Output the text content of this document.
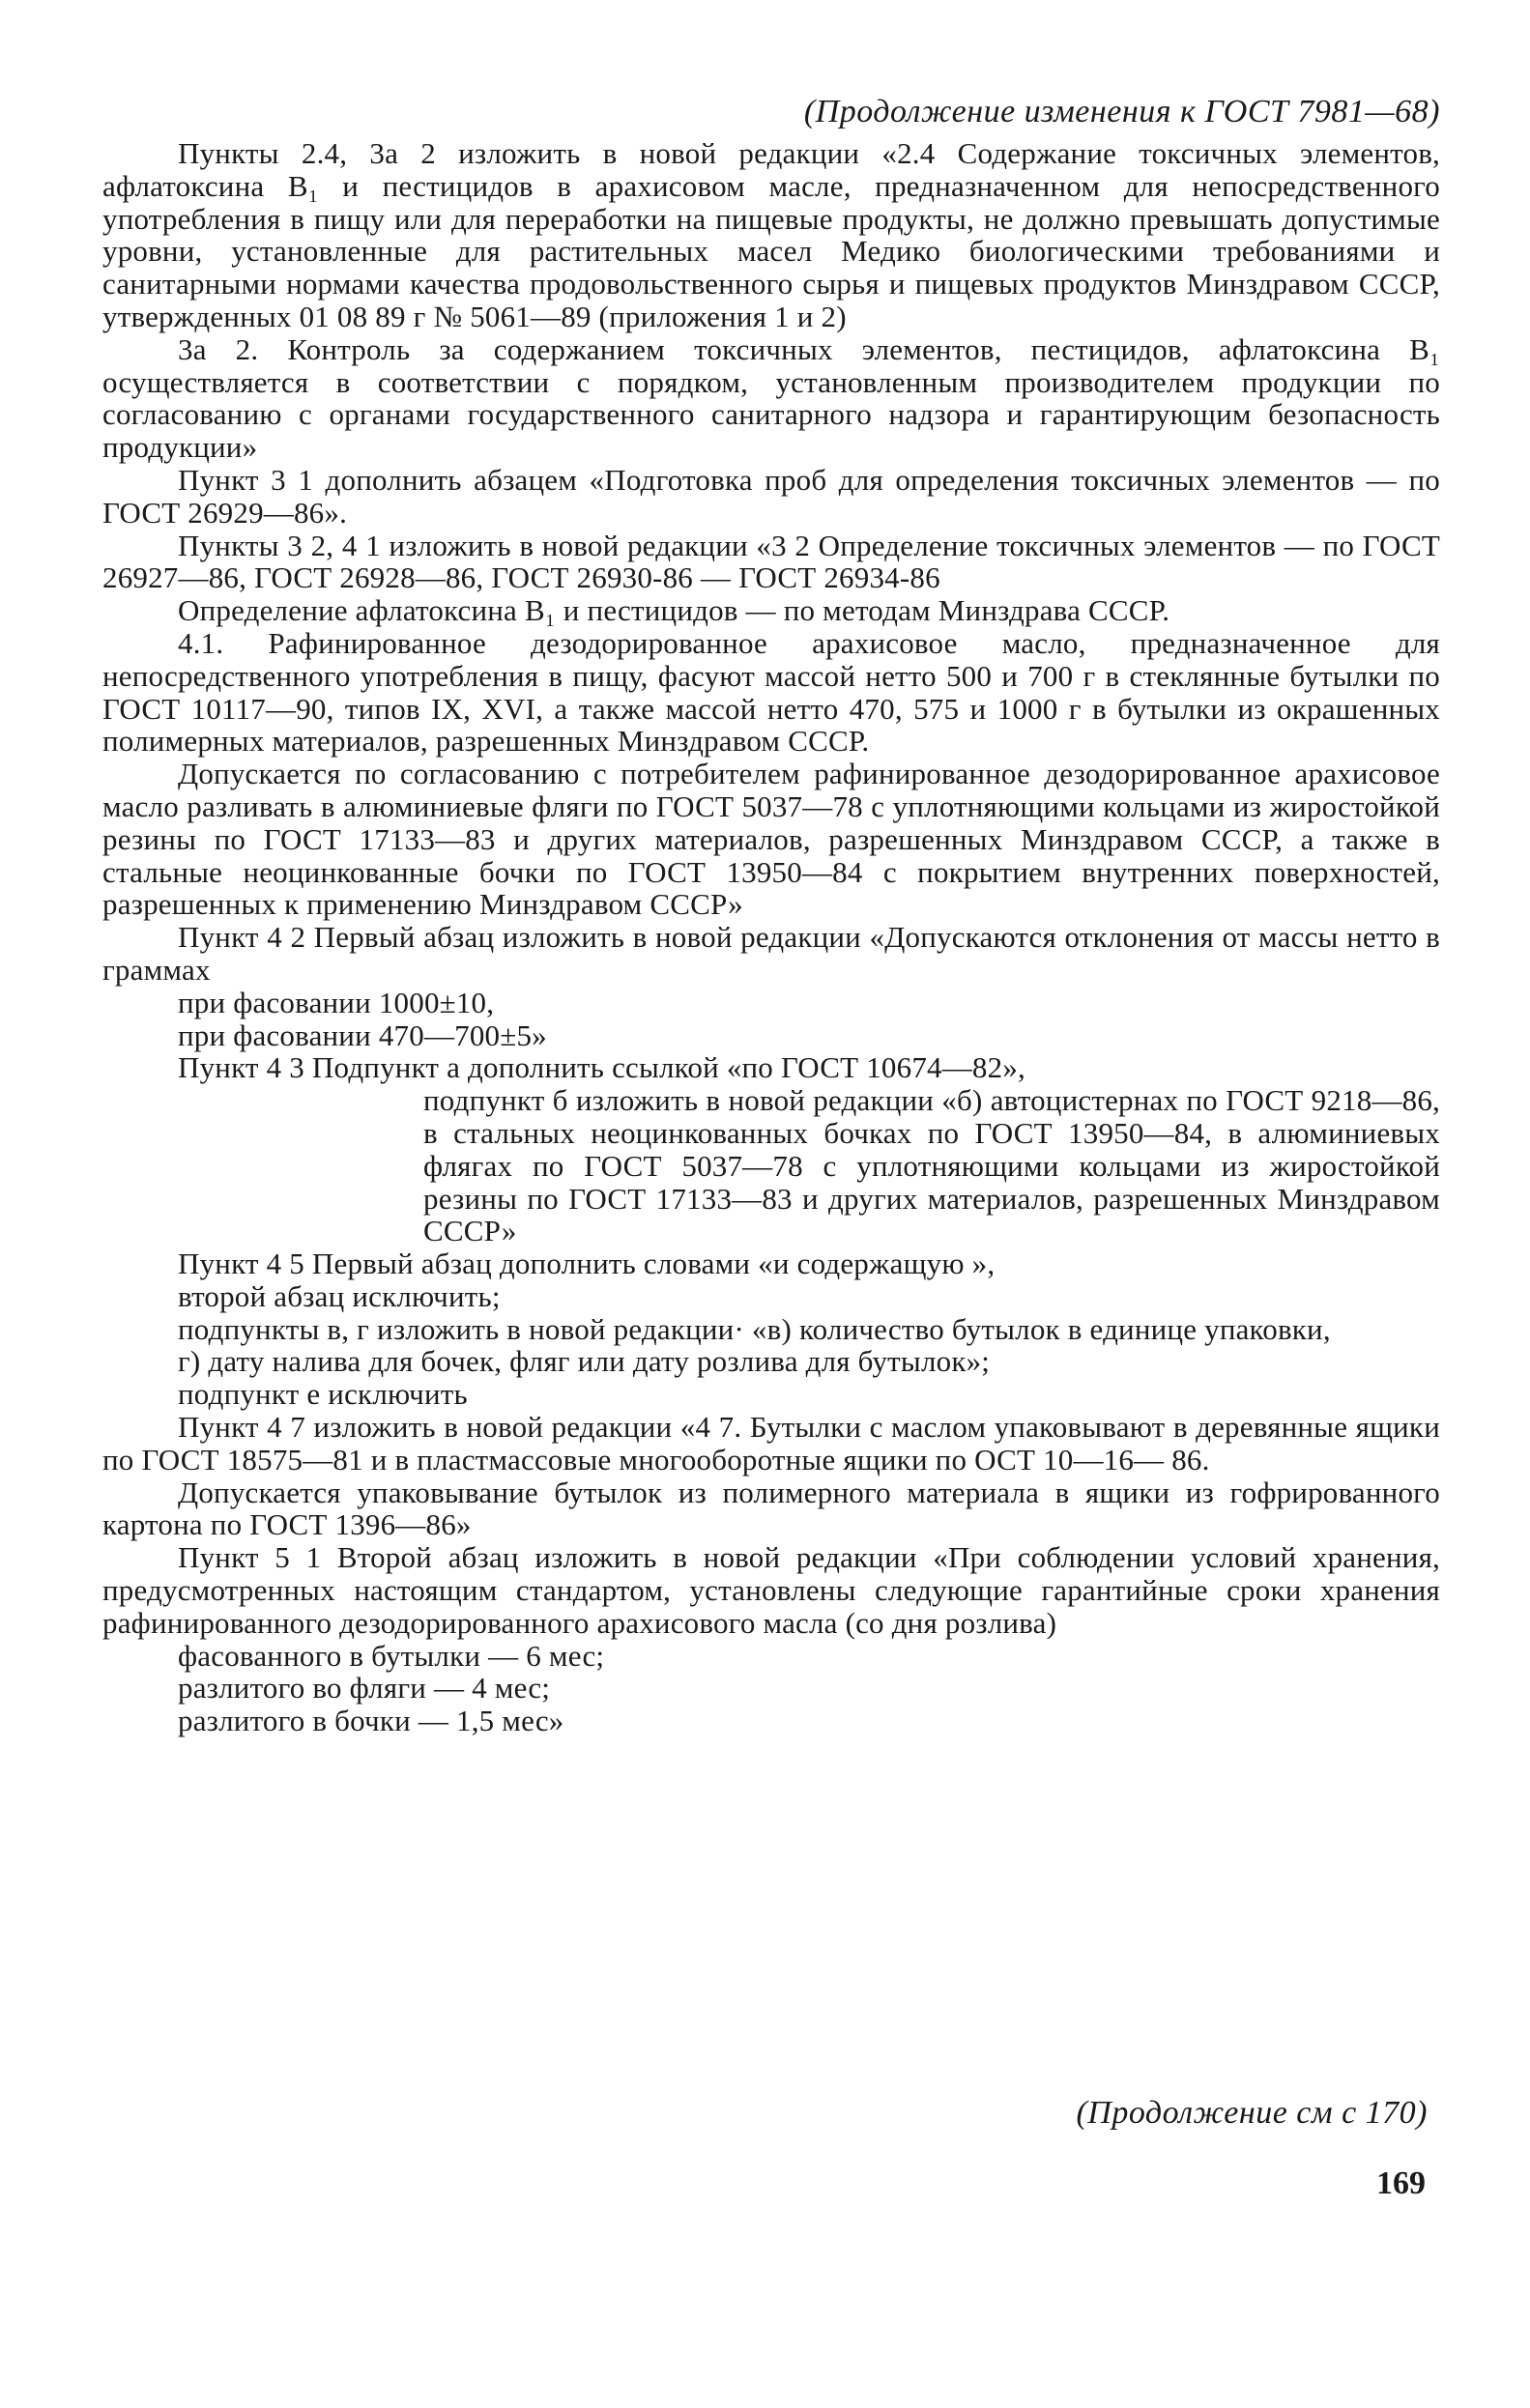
(Продолжение изменения к ГОСТ 7981—68)

Пункты 2.4, 3а 2 изложить в новой редакции «2.4 Содержание токсичных элементов, афлатоксина В₁ и пестицидов в арахисовом масле, предназначенном для непосредственного употребления в пищу или для переработки на пищевые продукты, не должно превышать допустимые уровни, установленные для растительных масел Медико биологическими требованиями и санитарными нормами качества продовольственного сырья и пищевых продуктов Минздравом СССР, утвержденных 01 08 89 г № 5061—89 (приложения 1 и 2)

3а 2. Контроль за содержанием токсичных элементов, пестицидов, афлатоксина В₁ осуществляется в соответствии с порядком, установленным производителем продукции по согласованию с органами государственного санитарного надзора и гарантирующим безопасность продукции»

Пункт 3 1 дополнить абзацем «Подготовка проб для определения токсичных элементов — по ГОСТ 26929—86».

Пункты 3 2, 4 1 изложить в новой редакции «3 2 Определение токсичных элементов — по ГОСТ 26927—86, ГОСТ 26928—86, ГОСТ 26930-86 — ГОСТ 26934-86

Определение афлатоксина В₁ и пестицидов — по методам Минздрава СССР.

4.1. Рафинированное дезодорированное арахисовое масло, предназначенное для непосредственного употребления в пищу, фасуют массой нетто 500 и 700 г в стеклянные бутылки по ГОСТ 10117—90, типов IX, XVI, а также массой нетто 470, 575 и 1000 г в бутылки из окрашенных полимерных материалов, разрешенных Минздравом СССР.

Допускается по согласованию с потребителем рафинированное дезодорированное арахисовое масло разливать в алюминиевые фляги по ГОСТ 5037—78 с уплотняющими кольцами из жиростойкой резины по ГОСТ 17133—83 и других материалов, разрешенных Минздравом СССР, а также в стальные неоцинкованные бочки по ГОСТ 13950—84 с покрытием внутренних поверхностей, разрешенных к применению Минздравом СССР»

Пункт 4 2 Первый абзац изложить в новой редакции «Допускаются отклонения от массы нетто в граммах

при фасовании 1000±10,

при фасовании 470—700±5»

Пункт 4 3 Подпункт а дополнить ссылкой «по ГОСТ 10674—82»,

подпункт б изложить в новой редакции «б) автоцистернах по ГОСТ 9218—86, в стальных неоцинкованных бочках по ГОСТ 13950—84, в алюминиевых флягах по ГОСТ 5037—78 с уплотняющими кольцами из жиростойкой резины по ГОСТ 17133—83 и других материалов, разрешенных Минздравом СССР»

Пункт 4 5 Первый абзац дополнить словами «и содержащую »,

второй абзац исключить;

подпункты в, г изложить в новой редакции· «в) количество бутылок в единице упаковки,

г) дату налива для бочек, фляг или дату розлива для бутылок»;

подпункт е исключить

Пункт 4 7 изложить в новой редакции «4 7. Бутылки с маслом упаковывают в деревянные ящики по ГОСТ 18575—81 и в пластмассовые многооборотные ящики по ОСТ 10—16— 86.

Допускается упаковывание бутылок из полимерного материала в ящики из гофрированного картона по ГОСТ 1396—86»

Пункт 5 1 Второй абзац изложить в новой редакции «При соблюдении условий хранения, предусмотренных настоящим стандартом, установлены следующие гарантийные сроки хранения рафинированного дезодорированного арахисового масла (со дня розлива)

фасованного в бутылки — 6 мес;

разлитого во фляги — 4 мес;

разлитого в бочки — 1,5 мес»

(Продолжение см с 170)
169
